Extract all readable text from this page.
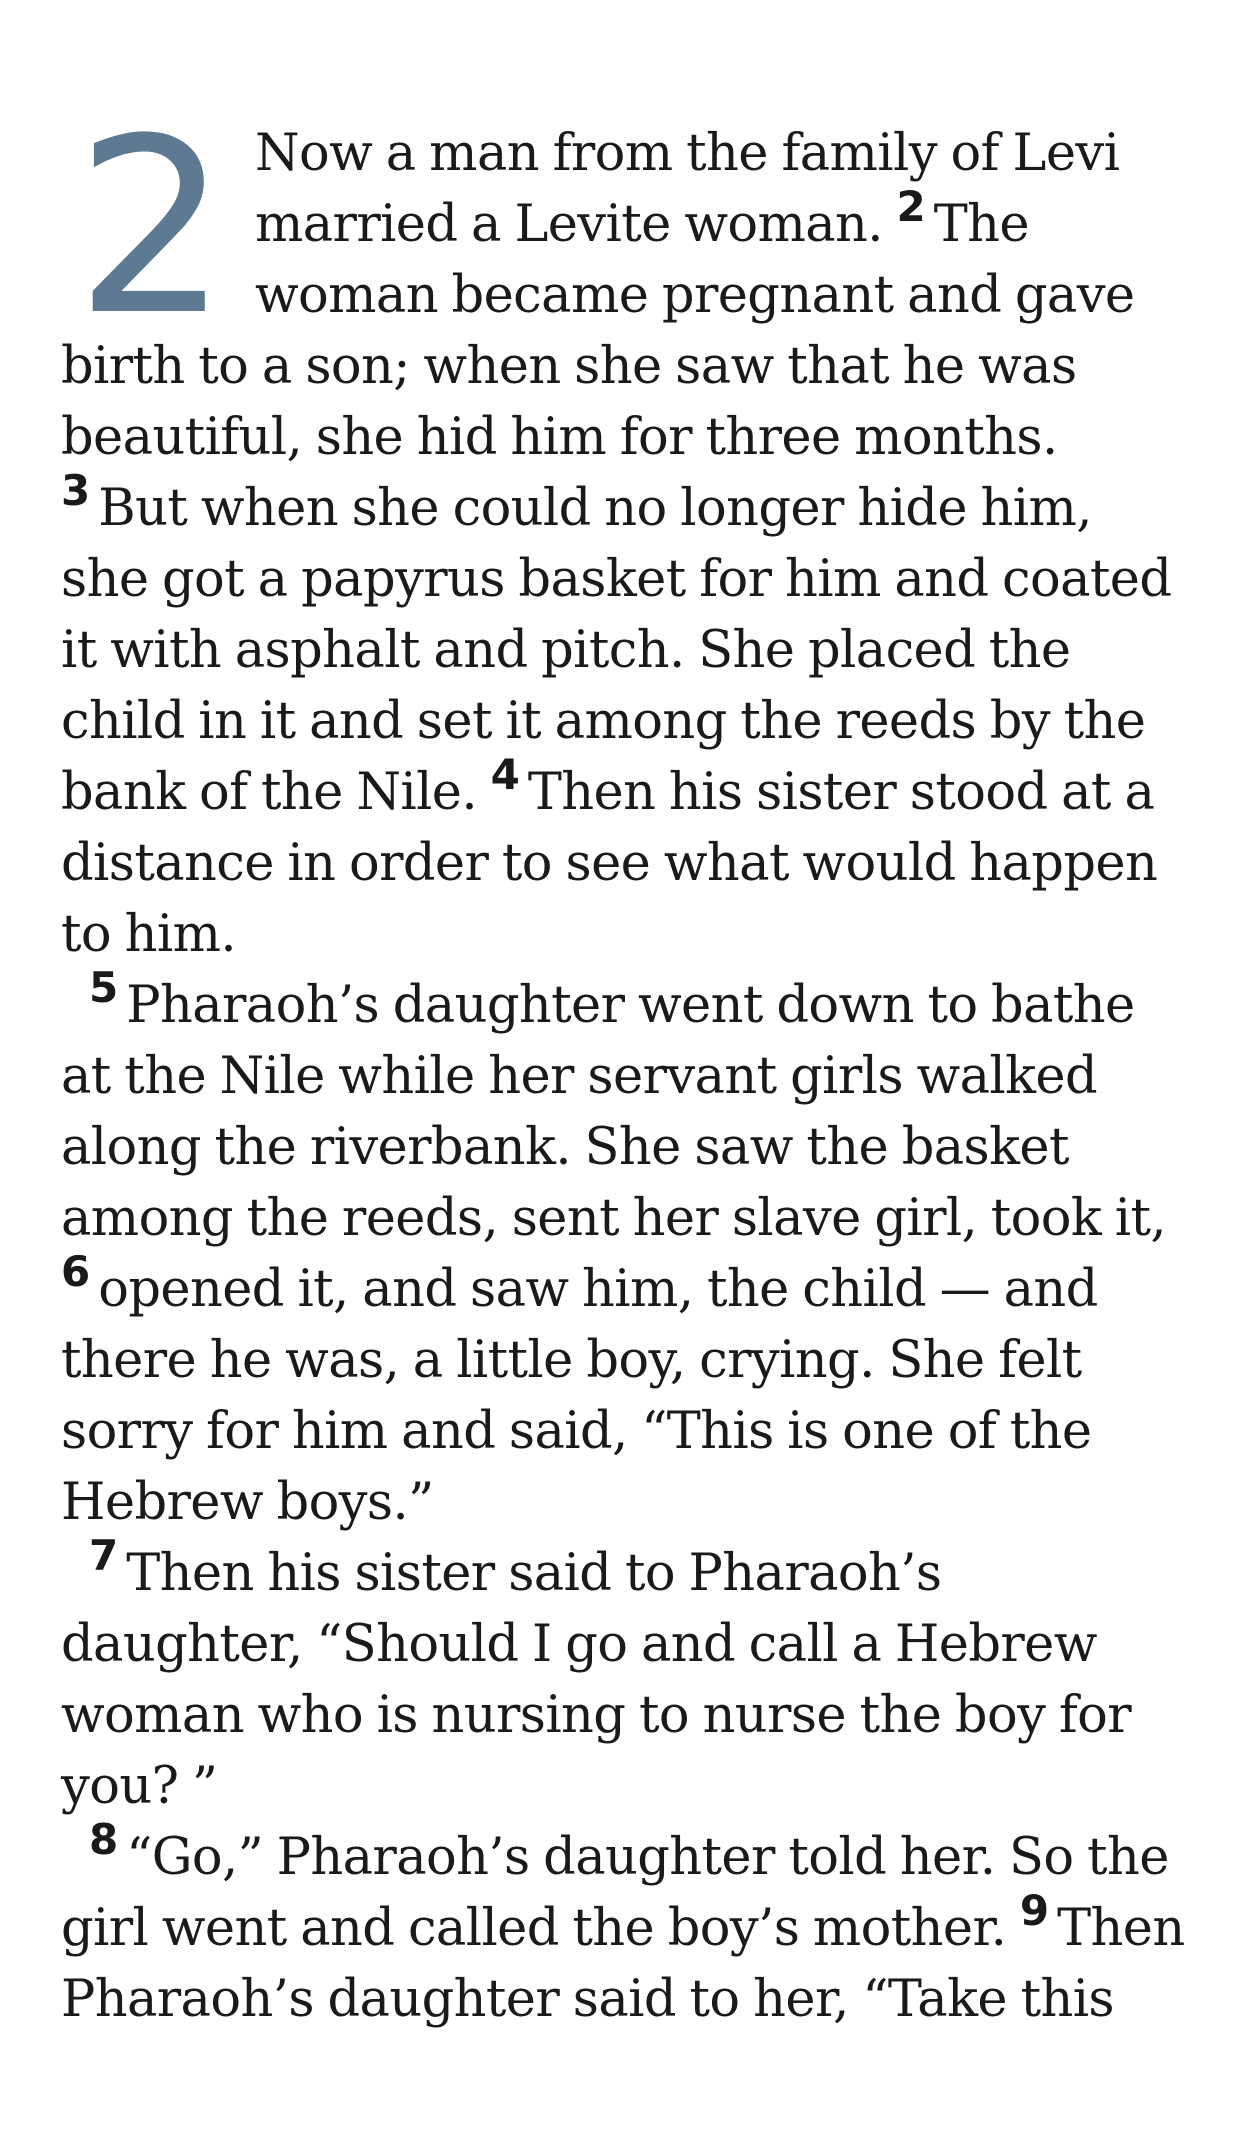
2 Now a man from the family of Levi married a Levite woman. $^2$ The woman became pregnant and gave birth to a son; when she saw that he was beautiful, she hid him for three months. $^3$ But when she could no longer hide him, she got a papyrus basket for him and coated it with asphalt and pitch. She placed the child in it and set it among the reeds by the bank of the Nile. $^4$ Then his sister stood at a distance in order to see what would happen to him.

$^5$ Pharaoh’s daughter went down to bathe at the Nile while her servant girls walked along the riverbank. She saw the basket among the reeds, sent her slave girl, took it, $^6$ opened it, and saw him, the child — and there he was, a little boy, crying. She felt sorry for him and said, “This is one of the Hebrew boys.”

$^7$ Then his sister said to Pharaoh’s daughter, “Should I go and call a Hebrew woman who is nursing to nurse the boy for you? ”

$^8$ “Go,” Pharaoh’s daughter told her. So the girl went and called the boy’s mother. $^9$ Then Pharaoh’s daughter said to her, “Take this
